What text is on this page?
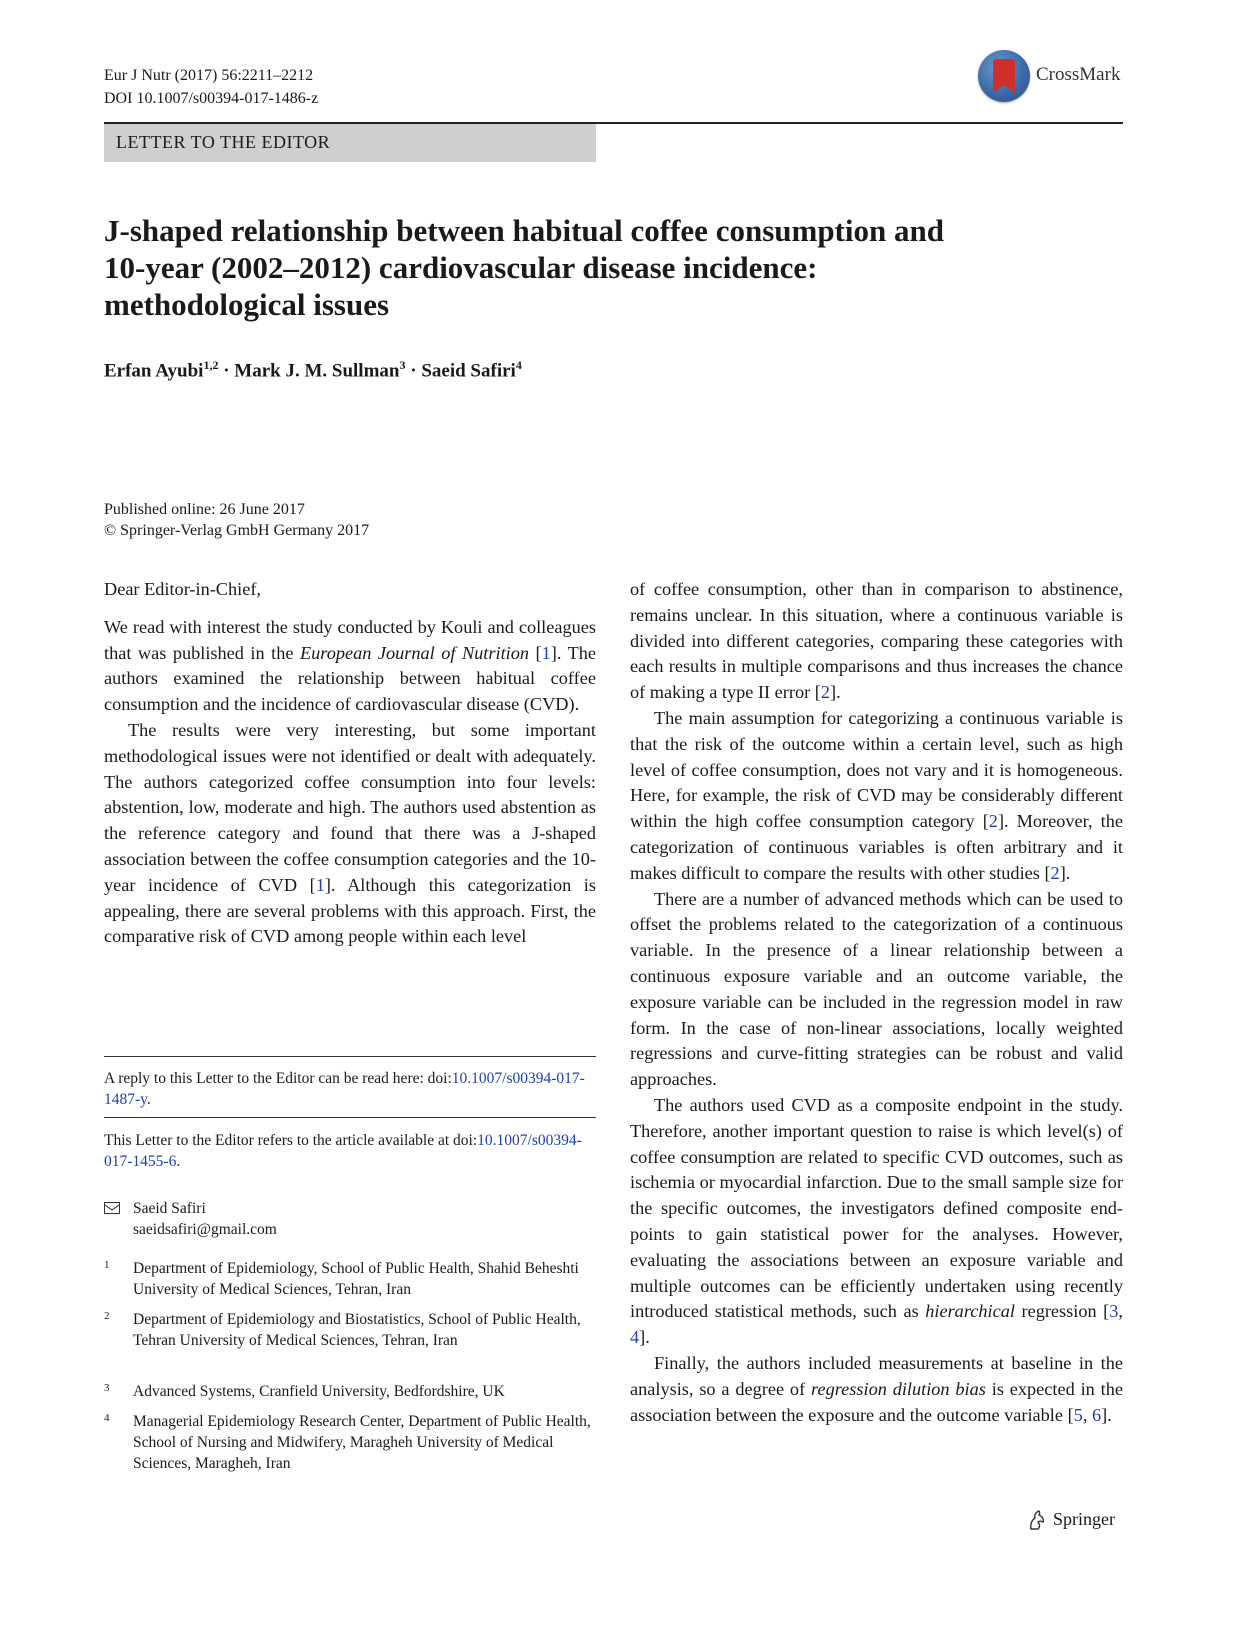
Eur J Nutr (2017) 56:2211–2212
DOI 10.1007/s00394-017-1486-z
CrossMark
LETTER TO THE EDITOR
J-shaped relationship between habitual coffee consumption and 10-year (2002–2012) cardiovascular disease incidence: methodological issues
Erfan Ayubi$^{1,2}$ · Mark J. M. Sullman$^3$ · Saeid Safiri$^4$
Published online: 26 June 2017
© Springer-Verlag GmbH Germany 2017

Dear Editor-in-Chief,

We read with interest the study conducted by Kouli and colleagues that was published in the European Journal of Nutrition [1]. The authors examined the relationship between habitual coffee consumption and the incidence of cardiovascular disease (CVD).

The results were very interesting, but some important methodological issues were not identified or dealt with adequately. The authors categorized coffee consumption into four levels: abstention, low, moderate and high. The authors used abstention as the reference category and found that there was a J-shaped association between the coffee consumption categories and the 10-year incidence of CVD [1]. Although this categorization is appealing, there are several problems with this approach. First, the comparative risk of CVD among people within each level

of coffee consumption, other than in comparison to abstinence, remains unclear. In this situation, where a continuous variable is divided into different categories, comparing these categories with each results in multiple comparisons and thus increases the chance of making a type II error [2].

The main assumption for categorizing a continuous variable is that the risk of the outcome within a certain level, such as high level of coffee consumption, does not vary and it is homogeneous. Here, for example, the risk of CVD may be considerably different within the high coffee consumption category [2]. Moreover, the categorization of continuous variables is often arbitrary and it makes difficult to compare the results with other studies [2].

There are a number of advanced methods which can be used to offset the problems related to the categorization of a continuous variable. In the presence of a linear relationship between a continuous exposure variable and an outcome variable, the exposure variable can be included in the regression model in raw form. In the case of non-linear associations, locally weighted regressions and curve-fitting strategies can be robust and valid approaches.

The authors used CVD as a composite endpoint in the study. Therefore, another important question to raise is which level(s) of coffee consumption are related to specific CVD outcomes, such as ischemia or myocardial infarction. Due to the small sample size for the specific outcomes, the investigators defined composite end-points to gain statistical power for the analyses. However, evaluating the associations between an exposure variable and multiple outcomes can be efficiently undertaken using recently introduced statistical methods, such as hierarchical regression [3, 4].

Finally, the authors included measurements at baseline in the analysis, so a degree of regression dilution bias is expected in the association between the exposure and the outcome variable [5, 6].

A reply to this Letter to the Editor can be read here: doi:10.1007/s00394-017-1487-y.
This Letter to the Editor refers to the article available at doi:10.1007/s00394-017-1455-6.
Saeid Safiri
saeidsafiri@gmail.com
1 Department of Epidemiology, School of Public Health, Shahid Beheshti University of Medical Sciences, Tehran, Iran
2 Department of Epidemiology and Biostatistics, School of Public Health, Tehran University of Medical Sciences, Tehran, Iran
3 Advanced Systems, Cranfield University, Bedfordshire, UK
4 Managerial Epidemiology Research Center, Department of Public Health, School of Nursing and Midwifery, Maragheh University of Medical Sciences, Maragheh, Iran
Springer
